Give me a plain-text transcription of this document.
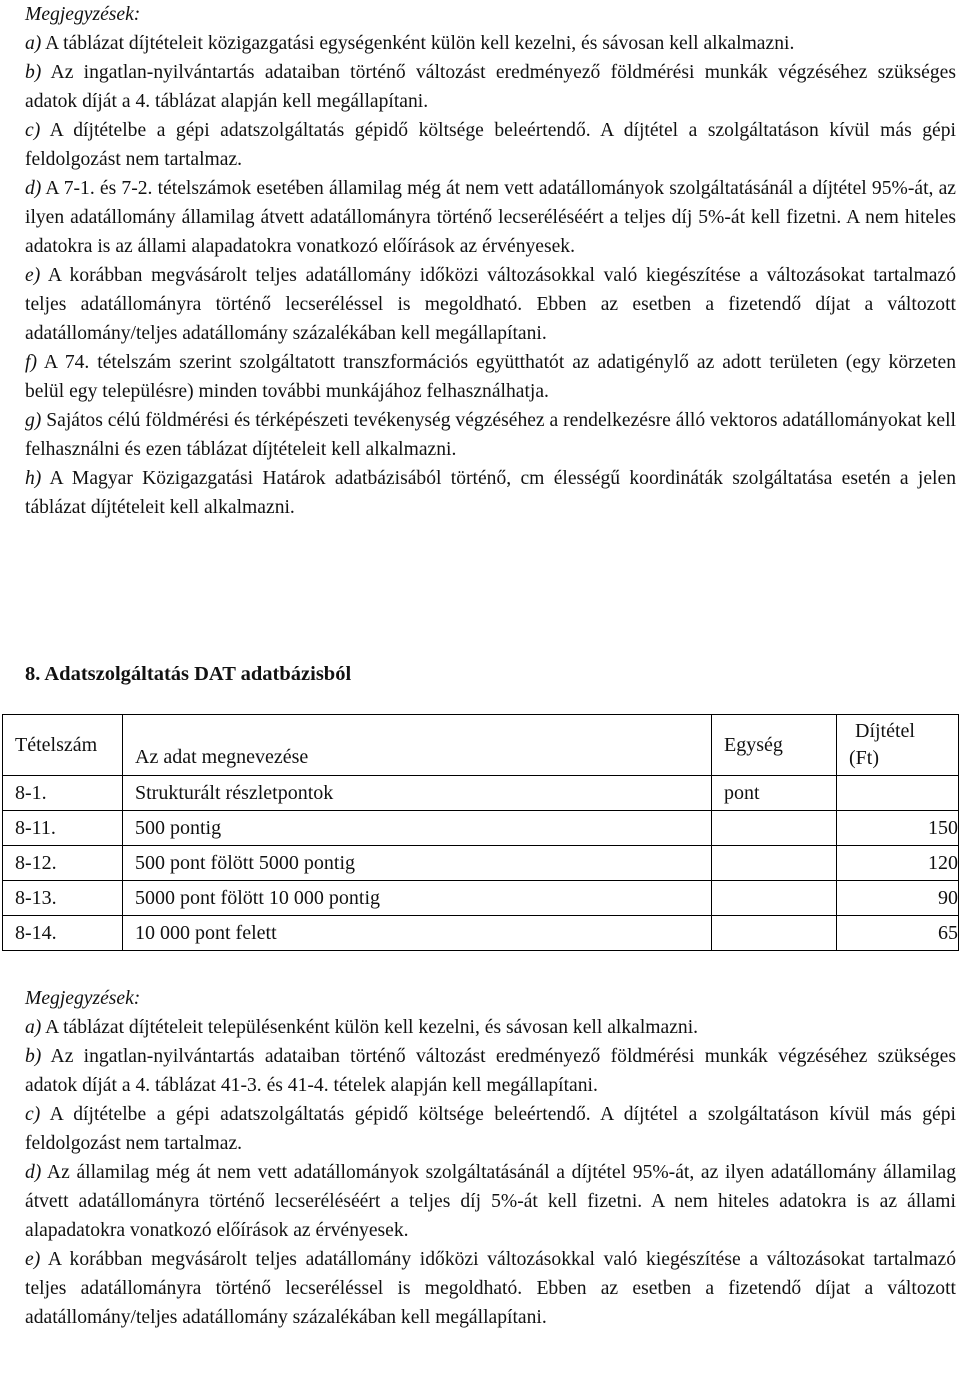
Megjegyzések:

a) A táblázat díjtételeit közigazgatási egységenként külön kell kezelni, és sávosan kell alkalmazni.

b) Az ingatlan-nyilvántartás adataiban történő változást eredményező földmérési munkák végzéséhez szükséges adatok díját a 4. táblázat alapján kell megállapítani.

c) A díjtételbe a gépi adatszolgáltatás gépidő költsége beleértendő. A díjtétel a szolgáltatáson kívül más gépi feldolgozást nem tartalmaz.

d) A 7-1. és 7-2. tételszámok esetében államilag még át nem vett adatállományok szolgáltatásánál a díjtétel 95%-át, az ilyen adatállomány államilag átvett adatállományra történő lecseréléséért a teljes díj 5%-át kell fizetni. A nem hiteles adatokra is az állami alapadatokra vonatkozó előírások az érvényesek.

e) A korábban megvásárolt teljes adatállomány időközi változásokkal való kiegészítése a változásokat tartalmazó teljes adatállományra történő lecseréléssel is megoldható. Ebben az esetben a fizetendő díjat a változott adatállomány/teljes adatállomány százalékában kell megállapítani.

f) A 74. tételszám szerint szolgáltatott transzformációs együtthatót az adatigénylő az adott területen (egy körzeten belül egy településre) minden további munkájához felhasználhatja.

g) Sajátos célú földmérési és térképészeti tevékenység végzéséhez a rendelkezésre álló vektoros adatállományokat kell felhasználni és ezen táblázat díjtételeit kell alkalmazni.

h) A Magyar Közigazgatási Határok adatbázisából történő, cm élességű koordináták szolgáltatása esetén a jelen táblázat díjtételeit kell alkalmazni.

8. Adatszolgáltatás DAT adatbázisból
Tételszám	Az adat megnevezése	Egység	Díjtétel
(Ft)
8-1.	Strukturált részletpontok	pont	
8-11.	500 pontig		150
8-12.	500 pont fölött 5000 pontig		120
8-13.	5000 pont fölött 10 000 pontig		90
8-14.	10 000 pont felett		65

Megjegyzések:

a) A táblázat díjtételeit településenként külön kell kezelni, és sávosan kell alkalmazni.

b) Az ingatlan-nyilvántartás adataiban történő változást eredményező földmérési munkák végzéséhez szükséges adatok díját a 4. táblázat 41-3. és 41-4. tételek alapján kell megállapítani.

c) A díjtételbe a gépi adatszolgáltatás gépidő költsége beleértendő. A díjtétel a szolgáltatáson kívül más gépi feldolgozást nem tartalmaz.

d) Az államilag még át nem vett adatállományok szolgáltatásánál a díjtétel 95%-át, az ilyen adatállomány államilag átvett adatállományra történő lecseréléséért a teljes díj 5%-át kell fizetni. A nem hiteles adatokra is az állami alapadatokra vonatkozó előírások az érvényesek.

e) A korábban megvásárolt teljes adatállomány időközi változásokkal való kiegészítése a változásokat tartalmazó teljes adatállományra történő lecseréléssel is megoldható. Ebben az esetben a fizetendő díjat a változott adatállomány/teljes adatállomány százalékában kell megállapítani.
